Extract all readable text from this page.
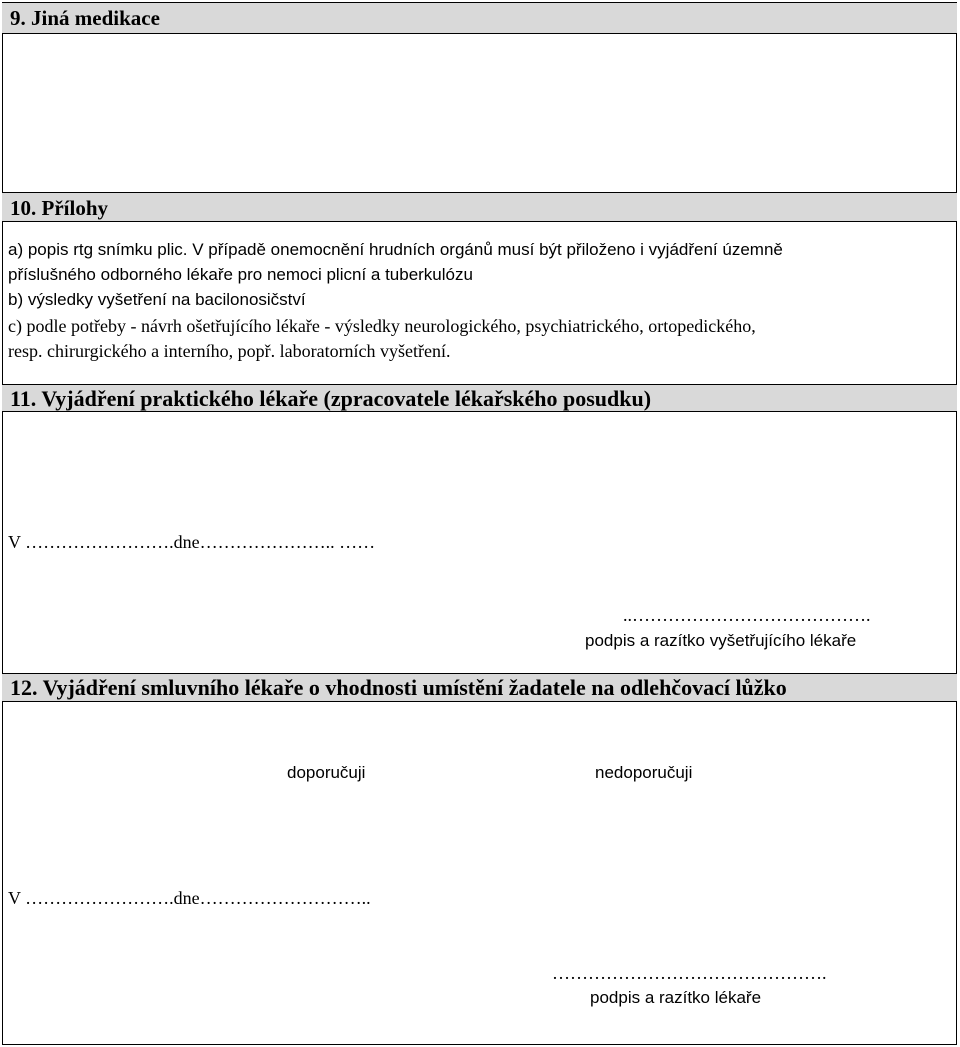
9. Jiná medikace
10. Přílohy
a) popis rtg snímku plic. V případě onemocnění hrudních orgánů musí být přiloženo i vyjádření územně
příslušného odborného lékaře pro nemoci plicní a tuberkulózu
b) výsledky vyšetření na bacilonosičství
c) podle potřeby - návrh ošetřujícího lékaře - výsledky neurologického, psychiatrického, ortopedického,
resp. chirurgického a interního, popř. laboratorních vyšetření.
11. Vyjádření praktického lékaře (zpracovatele lékařského posudku)
V …………………….dne………………….. ……
..………………………………….
podpis a razítko vyšetřujícího lékaře
12. Vyjádření smluvního lékaře o vhodnosti umístění žadatele na odlehčovací lůžko
doporučuji	nedoporučuji
V …………………….dne………………………..
……………………………………….
podpis a razítko lékaře
